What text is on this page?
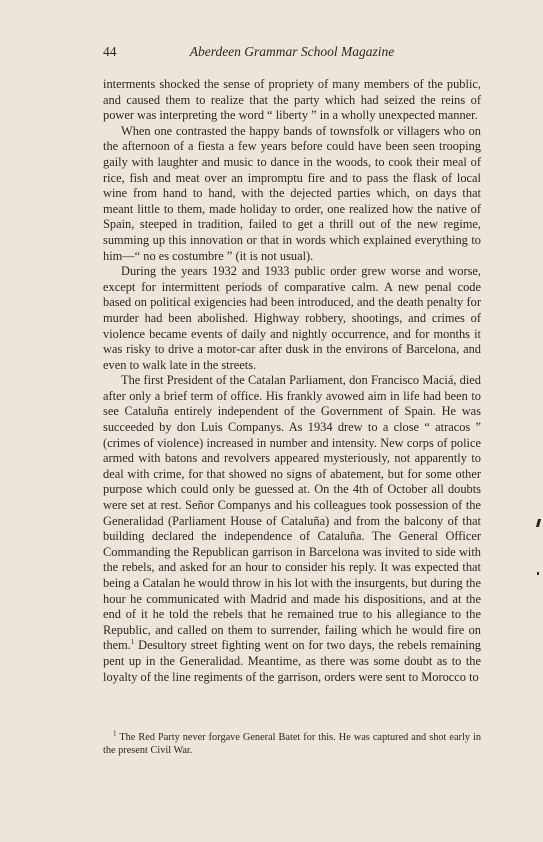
44	Aberdeen Grammar School Magazine

interments shocked the sense of propriety of many members of the public, and caused them to realize that the party which had seized the reins of power was interpreting the word “ liberty ” in a wholly unexpected manner.

When one contrasted the happy bands of townsfolk or villagers who on the afternoon of a fiesta a few years before could have been seen trooping gaily with laughter and music to dance in the woods, to cook their meal of rice, fish and meat over an impromptu fire and to pass the flask of local wine from hand to hand, with the dejected parties which, on days that meant little to them, made holiday to order, one realized how the native of Spain, steeped in tradition, failed to get a thrill out of the new regime, summing up this innovation or that in words which explained everything to him—“ no es costumbre ” (it is not usual).

During the years 1932 and 1933 public order grew worse and worse, except for intermittent periods of comparative calm. A new penal code based on political exigencies had been introduced, and the death penalty for murder had been abolished. Highway robbery, shootings, and crimes of violence became events of daily and nightly occurrence, and for months it was risky to drive a motor-car after dusk in the environs of Barcelona, and even to walk late in the streets.

The first President of the Catalan Parliament, don Francisco Maciá, died after only a brief term of office. His frankly avowed aim in life had been to see Cataluña entirely independent of the Government of Spain. He was succeeded by don Luis Companys. As 1934 drew to a close “ atracos ” (crimes of violence) increased in number and intensity. New corps of police armed with batons and revolvers appeared mysteriously, not apparently to deal with crime, for that showed no signs of abatement, but for some other purpose which could only be guessed at. On the 4th of October all doubts were set at rest. Señor Companys and his colleagues took possession of the Generalidad (Parliament House of Cataluña) and from the balcony of that building declared the independence of Cataluña. The General Officer Commanding the Republican garrison in Barcelona was invited to side with the rebels, and asked for an hour to consider his reply. It was expected that being a Catalan he would throw in his lot with the insurgents, but during the hour he communicated with Madrid and made his dispositions, and at the end of it he told the rebels that he remained true to his allegiance to the Republic, and called on them to surrender, failing which he would fire on them.$^1$ Desultory street fighting went on for two days, the rebels remaining pent up in the Generalidad. Meantime, as there was some doubt as to the loyalty of the line regiments of the garrison, orders were sent to Morocco to

$^1$ The Red Party never forgave General Batet for this. He was captured and shot early in the present Civil War.
